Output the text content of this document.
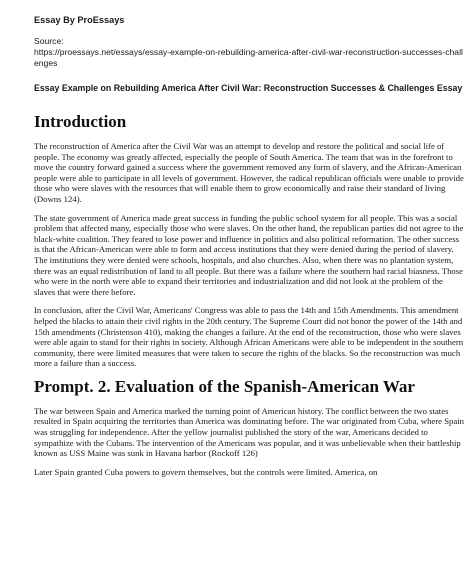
Essay By ProEssays
Source:
https://proessays.net/essays/essay-example-on-rebuilding-america-after-civil-war-reconstruction-successes-challenges
Essay Example on Rebuilding America After Civil War: Reconstruction Successes & Challenges Essay
Introduction

The reconstruction of America after the Civil War was an attempt to develop and restore the political and social life of people. The economy was greatly affected, especially the people of South America. The team that was in the forefront to move the country forward gained a success where the government removed any form of slavery, and the African-American people were able to participate in all levels of government. However, the radical republican officials were unable to provide those who were slaves with the resources that will enable them to grow economically and raise their standard of living (Downs 124).

The state government of America made great success in funding the public school system for all people. This was a social problem that affected many, especially those who were slaves. On the other hand, the republican parties did not agree to the black-white coalition. They feared to lose power and influence in politics and also political reformation. The other success is that the African-American were able to form and access institutions that they were denied during the period of slavery. The institutions they were denied were schools, hospitals, and also churches. Also, when there was no plantation system, there was an equal redistribution of land to all people. But there was a failure where the southern had racial biasness. Those who were in the north were able to expand their territories and industrialization and did not look at the problem of the slaves that were there before.

In conclusion, after the Civil War, Americans' Congress was able to pass the 14th and 15th Amendments. This amendment helped the blacks to attain their civil rights in the 20th century. The Supreme Court did not honor the power of the 14th and 15th amendments (Christenson 410), making the changes a failure. At the end of the reconstruction, those who were slaves were able again to stand for their rights in society. Although African Americans were able to be independent in the southern community, there were limited measures that were taken to secure the rights of the blacks. So the reconstruction was much more a failure than a success.

Prompt. 2. Evaluation of the Spanish-American War

The war between Spain and America marked the turning point of American history. The conflict between the two states resulted in Spain acquiring the territories than America was dominating before. The war originated from Cuba, where Spain was struggling for independence. After the yellow journalist published the story of the war, Americans decided to sympathize with the Cubans. The intervention of the Americans was popular, and it was unbelievable when their battleship known as USS Maine was sunk in Havana harbor (Rockoff 126)

Later Spain granted Cuba powers to govern themselves, but the controls were limited. America, on
